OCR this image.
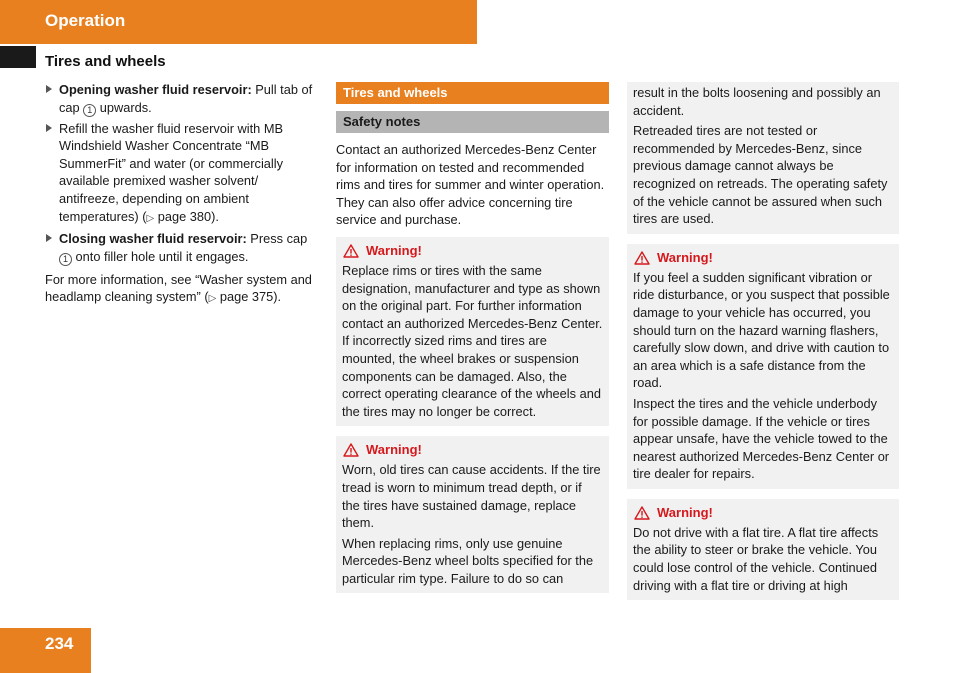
Operation
Tires and wheels
Opening washer fluid reservoir: Pull tab of cap 1 upwards.
Refill the washer fluid reservoir with MB Windshield Washer Concentrate “MB SummerFit” and water (or commercially available premixed washer solvent/ antifreeze, depending on ambient temperatures) (▷ page 380).
Closing washer fluid reservoir: Press cap 1 onto filler hole until it engages.
For more information, see “Washer system and headlamp cleaning system” (▷ page 375).
Tires and wheels
Safety notes
Contact an authorized Mercedes-Benz Center for information on tested and recommended rims and tires for summer and winter operation. They can also offer advice concerning tire service and purchase.
Warning!

Replace rims or tires with the same designation, manufacturer and type as shown on the original part. For further information contact an authorized Mercedes-Benz Center. If incorrectly sized rims and tires are mounted, the wheel brakes or suspension components can be damaged. Also, the correct operating clearance of the wheels and the tires may no longer be correct.

Warning!

Worn, old tires can cause accidents. If the tire tread is worn to minimum tread depth, or if the tires have sustained damage, replace them.

When replacing rims, only use genuine Mercedes-Benz wheel bolts specified for the particular rim type. Failure to do so can

result in the bolts loosening and possibly an accident.

Retreaded tires are not tested or recommended by Mercedes-Benz, since previous damage cannot always be recognized on retreads. The operating safety of the vehicle cannot be assured when such tires are used.

Warning!

If you feel a sudden significant vibration or ride disturbance, or you suspect that possible damage to your vehicle has occurred, you should turn on the hazard warning flashers, carefully slow down, and drive with caution to an area which is a safe distance from the road.

Inspect the tires and the vehicle underbody for possible damage. If the vehicle or tires appear unsafe, have the vehicle towed to the nearest authorized Mercedes-Benz Center or tire dealer for repairs.

Warning!

Do not drive with a flat tire. A flat tire affects the ability to steer or brake the vehicle. You could lose control of the vehicle. Continued driving with a flat tire or driving at high

234
